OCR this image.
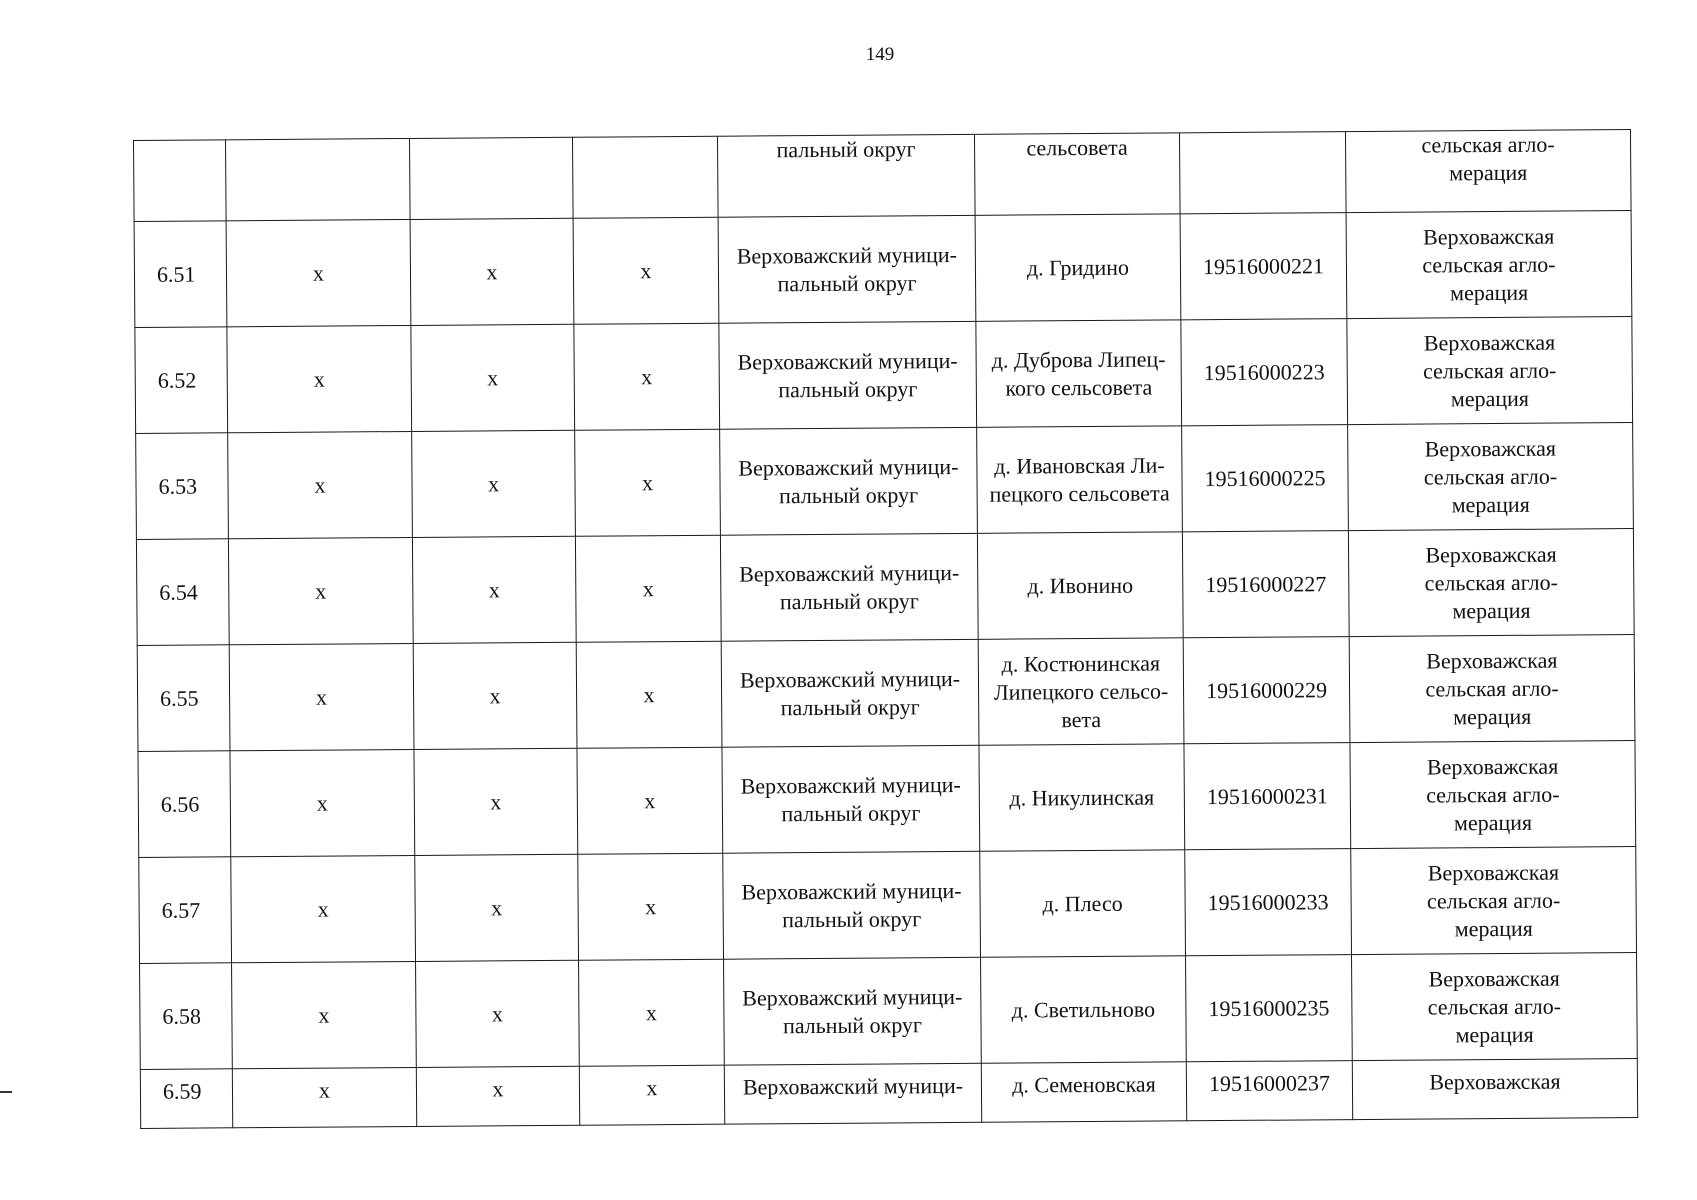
149
				пальный округ	сельсовета		сельская агло-
мерация
6.51	x	x	x	Верховажский муници-
пальный округ	д. Гридино	19516000221	Верховажская
сельская агло-
мерация
6.52	x	x	x	Верховажский муници-
пальный округ	д. Дуброва Липец-
кого сельсовета	19516000223	Верховажская
сельская агло-
мерация
6.53	x	x	x	Верховажский муници-
пальный округ	д. Ивановская Ли-
пецкого сельсовета	19516000225	Верховажская
сельская агло-
мерация
6.54	x	x	x	Верховажский муници-
пальный округ	д. Ивонино	19516000227	Верховажская
сельская агло-
мерация
6.55	x	x	x	Верховажский муници-
пальный округ	д. Костюнинская
Липецкого сельсо-
вета	19516000229	Верховажская
сельская агло-
мерация
6.56	x	x	x	Верховажский муници-
пальный округ	д. Никулинская	19516000231	Верховажская
сельская агло-
мерация
6.57	x	x	x	Верховажский муници-
пальный округ	д. Плесо	19516000233	Верховажская
сельская агло-
мерация
6.58	x	x	x	Верховажский муници-
пальный округ	д. Светильново	19516000235	Верховажская
сельская агло-
мерация
6.59	x	x	x	Верховажский муници-	д. Семеновская	19516000237	Верховажская
